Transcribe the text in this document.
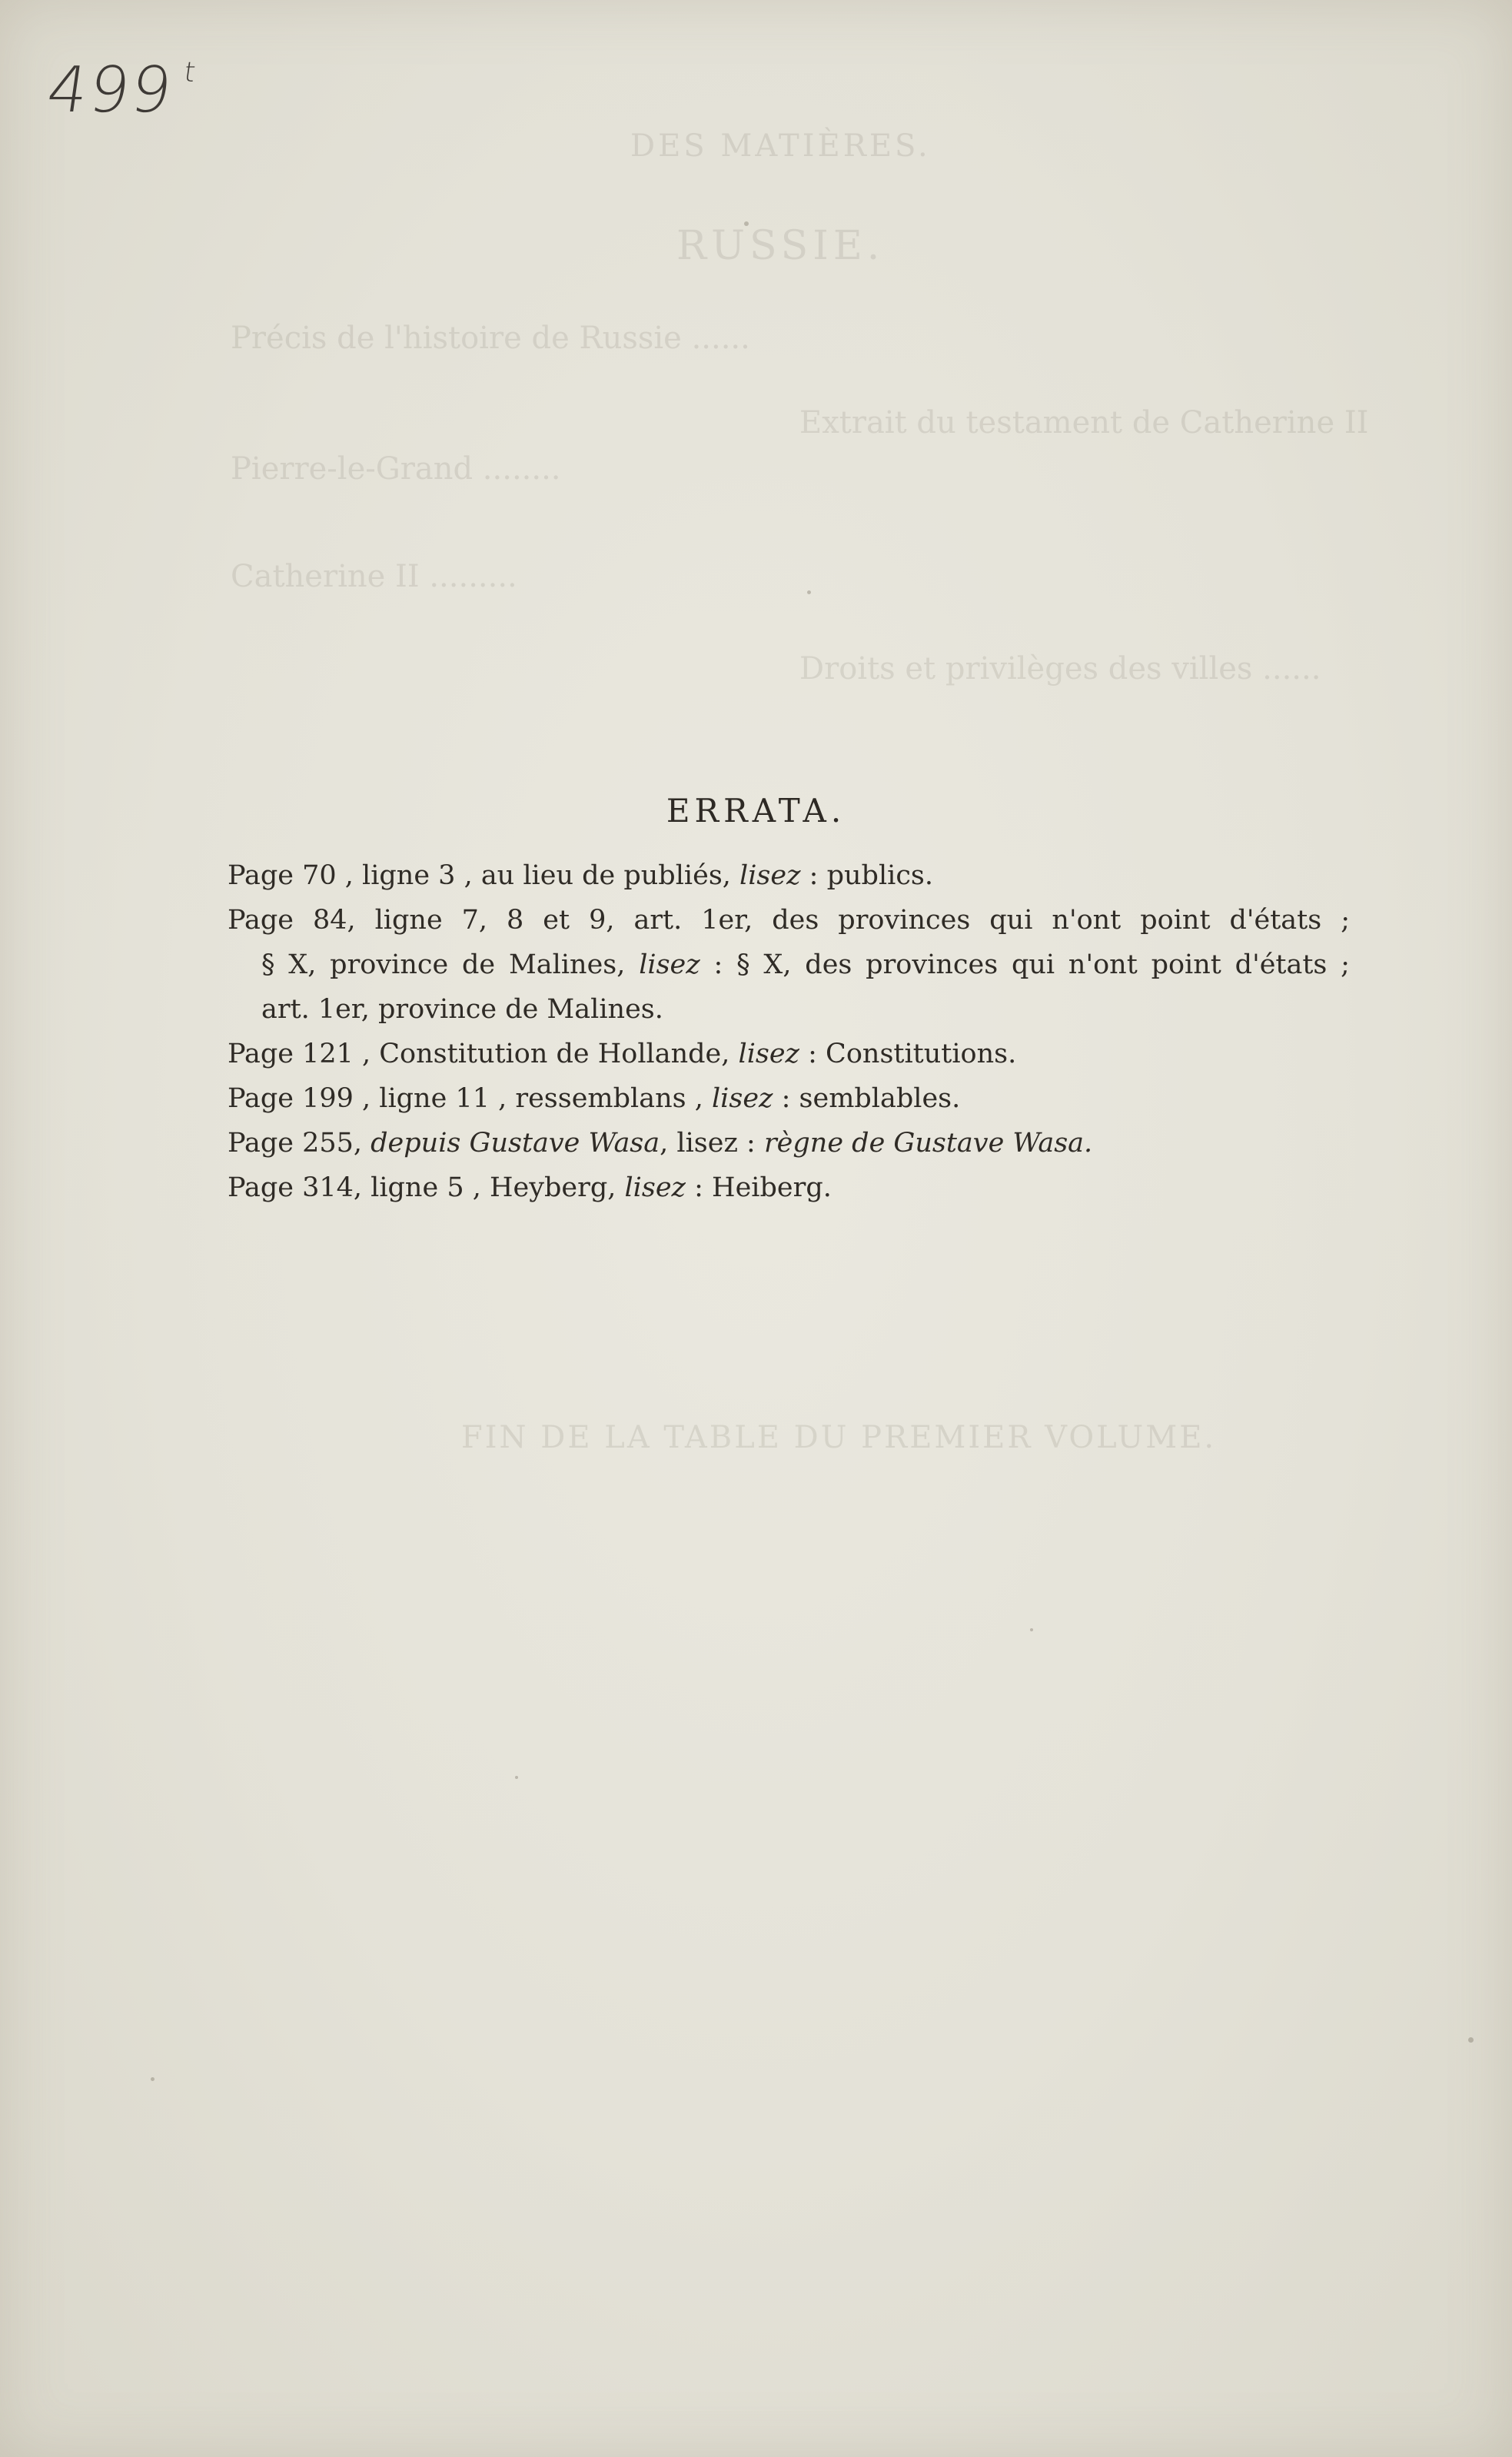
DES MATIÈRES.
RUSSIE.
Précis de l'histoire de Russie ......
Pierre-le-Grand ........
Catherine II .........
Extrait du testament de Catherine II
Droits et privilèges des villes ......
FIN DE LA TABLE DU PREMIER VOLUME.
499 $^t$
ERRATA.
Page 70 , ligne 3 , au lieu de publiés, lisez : publics.
Page 84, ligne 7, 8 et 9, art. 1er, des provinces qui n'ont point d'états ;
§ X, province de Malines, lisez : § X, des provinces qui n'ont point d'états ;
art. 1er, province de Malines.
Page 121 , Constitution de Hollande, lisez : Constitutions.
Page 199 , ligne 11 , ressemblans , lisez : semblables.
Page 255, depuis Gustave Wasa, lisez : règne de Gustave Wasa.
Page 314, ligne 5 , Heyberg, lisez : Heiberg.
